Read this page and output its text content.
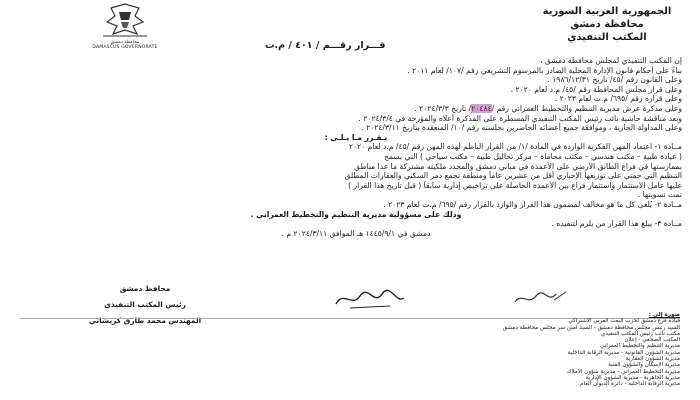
الجمهورية العربية السورية
محافظة دمشق
المكتب التنفيذي
محافظة دمشق
DAMASCUS GOVERNORATE	قـــرار رقـــم / ٤٠١ / م.ت

إن المكتب التنفيذي لمجلس محافظة دمشق ،

بناءً على أحكام قانون الإدارة المحلية الصادر بالمرسوم التشريعي رقم /١٠٧/ لعام ٢٠١١ .

وعلى القانون رقم /٤٥/ تاريخ ١٩٨٦/١٢/٣١ .

وعلى قرار مجلس المحافظة رقم /٤٥/ م.د لعام ٢٠٢٠ .

وعلى قراره رقم /٦٩٥/ م.ت لعام ٢٠٢٣ .

وعلى مذكرة عرض مديرية التنظيم والتخطيط العمراني رقم /٢٠٤٨٤/ تاريخ ٢٠٢٤/٣/٣ .

وبعد مناقشة حاشية نائب رئيس المكتب التنفيذي المسطرة على المذكرة أعلاه والمؤرخة في ٢٠٢٤/٣/٤ .

وعلى المداولة الجارية ، وموافقة جميع أعضائه الحاضرين بجلسته رقم /١٠/ المنعقدة بتاريخ ٢٠٢٤/٣/١١ .

يـقـرر مـا يـلـي :

مــادة ١- اعتماد المهن الفكرية الواردة في المادة /١/ من القرار الناظم لهذه المهن رقم /٤٥/ م.د لعام ٢٠٢٠

( عيادة طبية – مكتب هندسي – مكتب محاماة – مركز تحاليل طبية – مكتب سياحي ) التي يسمح

بممارستها في فراغ الطابق الأرضي على الأعمدة في مباني دمشق والمحدد ملكيته مشتركة ما عدا مناطق

التنظيم التي حمتي على توزيعها الإجباري أقل من عشرين عاماً ومنطقة تجمع دمر السكني والعقارات المطلق

عليها عامل الاستثمار واستثمار فراغ بين الأعمدة الحاصلة على تراخيص إدارية سابقاً ( قبل تاريخ هذا القرار )

تمت تسويتها .

مــادة ٢- يُلغى كل ما هو مخالف لمضمون هذا القرار والوارد بالقرار رقم /٦٩٥/ م.ت لعام ٢٠٢٣ .

وذلك على مسؤولية مديرية التنظيم والتخطيط العمراني .

مــادة ٣- يبلغ هذا القرار من يلزم لتنفيذه .

دمشق في ١٤٤٥/٩/١ هـ الموافق ٢٠٢٤/٣/١١ م .

محافظ دمشق
رئيس المكتب التنفيذي
المهندس محمد طارق كريشاتي
صورة إلى :
قيادة فرع دمشق لحزب البعث العربي الاشتراكي
السيد رئيس مجلس محافظة دمشق - السيد أمين سر مجلس محافظة دمشق
مكتب نائب رئيس المكتب التنفيذي
المكتب الصحفي - إعلان
مديرية التنظيم والتخطيط العمراني
مديرية الشؤون القانونية - مديرية الرقابة الداخلية
مديرية الشؤون العقارية
مديرية الإسكان والشؤون الفنية
مديرية التخطيط العمراني - مديرية شؤون الأملاك
مديرية الجاهزية - مديرية الشؤون الإدارية
مديرية الرقابة الداخلية - دائرة الديوان العام
